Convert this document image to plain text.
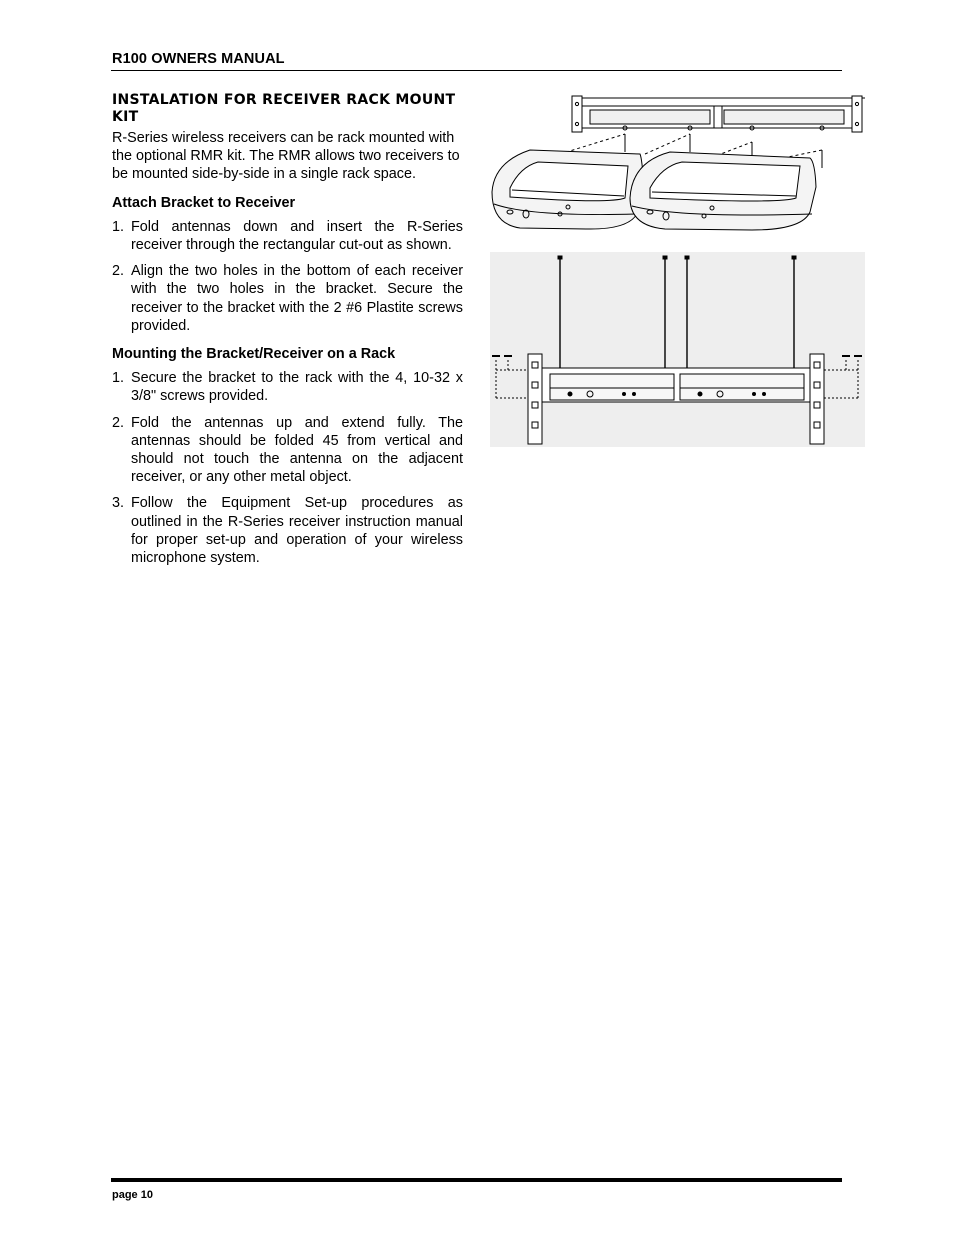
R100 OWNERS MANUAL
INSTALATION FOR RECEIVER RACK MOUNT KIT
R-Series wireless receivers can be rack mounted with the optional RMR kit. The RMR allows two receivers to be mounted side-by-side in a single rack space.
Attach Bracket to Receiver
1. Fold antennas down and insert the R-Series receiver through the rectangular cut-out as shown.
2. Align the two holes in the bottom of each receiver with the two holes in the bracket. Secure the receiver to the bracket with the 2 #6 Plastite screws provided.
Mounting the Bracket/Receiver on a Rack
1. Secure the bracket to the rack with the 4, 10-32 x 3/8" screws provided.
2. Fold the antennas up and extend fully. The antennas should be folded 45 from vertical and should not touch the antenna on the adjacent receiver, or any other metal object.
3. Follow the Equipment Set-up procedures as outlined in the R-Series receiver instruction manual for proper set-up and operation of your wireless microphone system.
page 10
